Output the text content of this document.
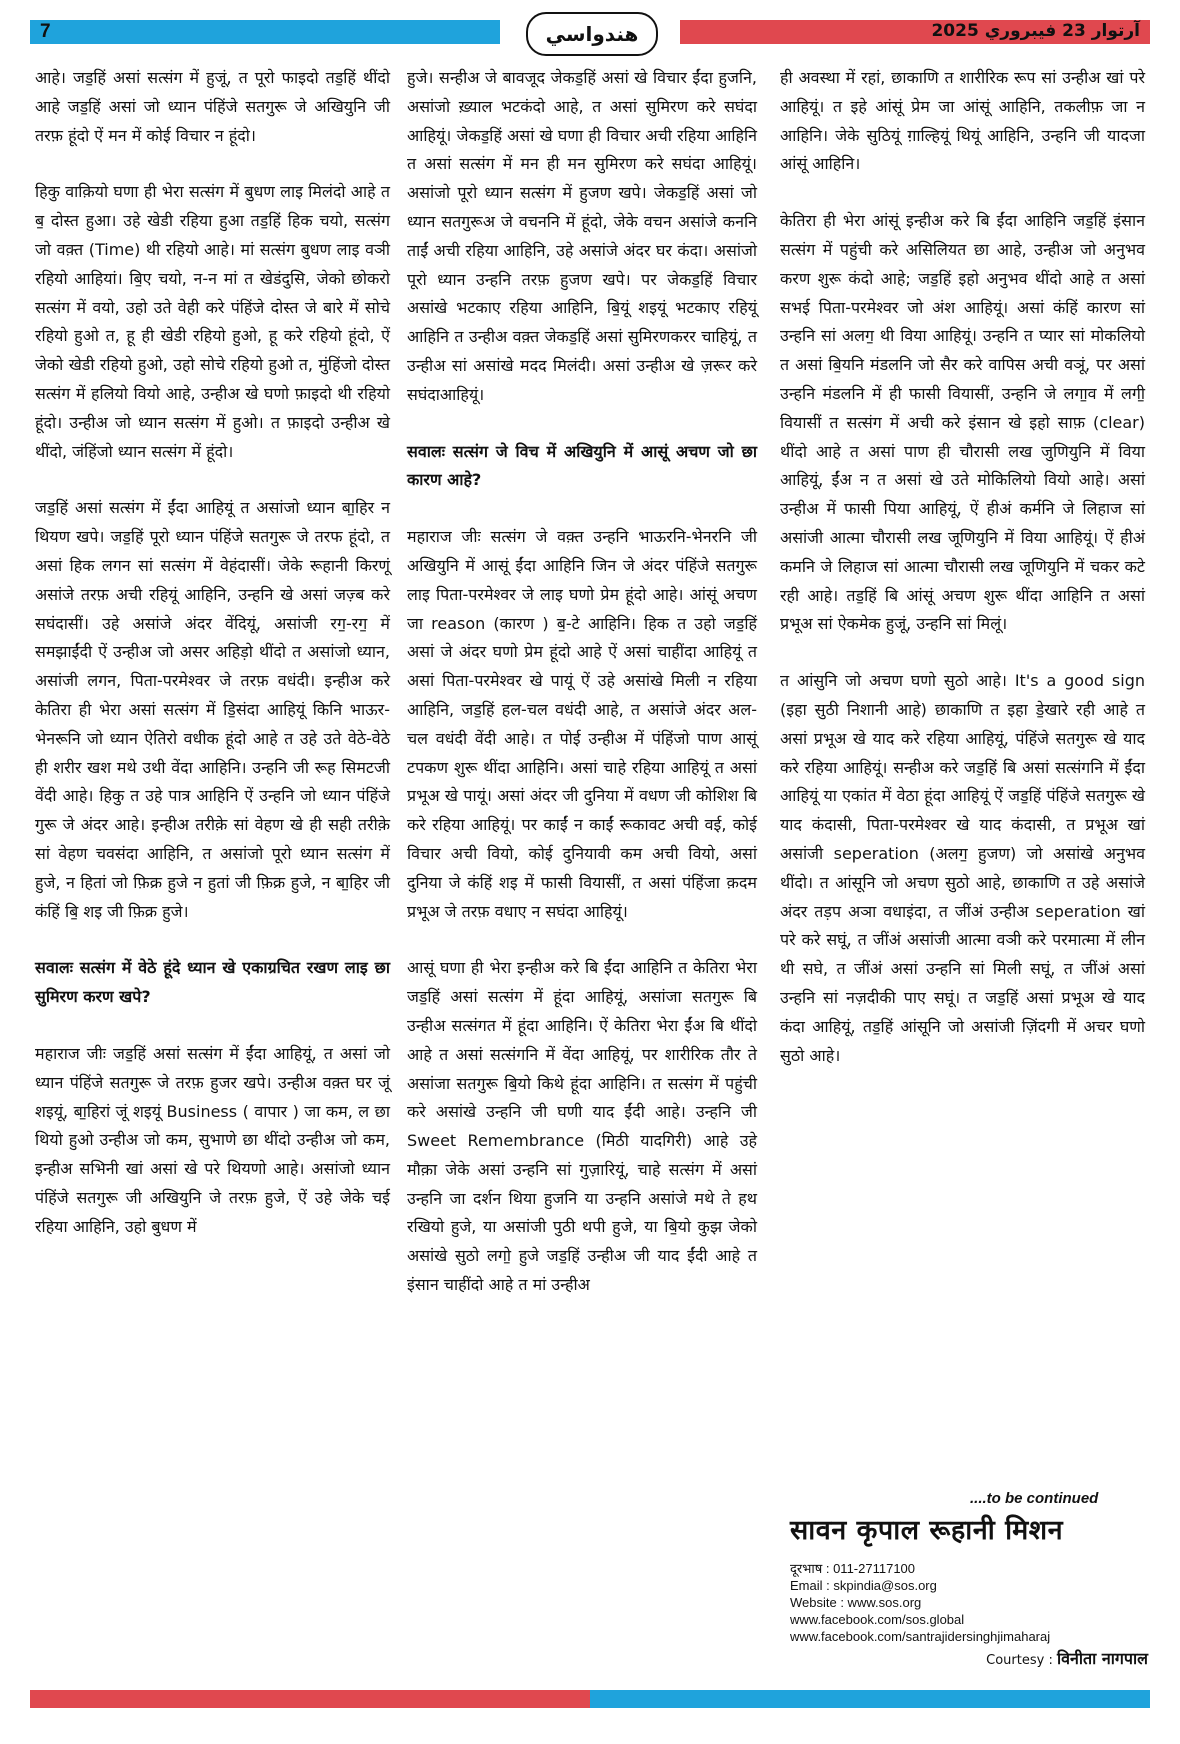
7	هندواسي	آرتوار 23 فيبروري 2025

आहे। जड॒हिं असां सत्संग में हुजूं, त पूरो फाइदो तड॒हिं थींदो आहे जड॒हिं असां जो ध्यान पंहिंजे सतगुरू जे अखियुनि जी तरफ़ हूंदो ऐं मन में कोई विचार न हूंदो।

हिकु वाक़ियो घणा ही भेरा सत्संग में बुधण लाइ मिलंदो आहे त ब॒ दोस्त हुआ। उहे खेडी रहिया हुआ तड॒हिं हिक चयो, सत्संग जो वक़्त (Time) थी रहियो आहे। मां सत्संग बुधण लाइ वञी रहियो आहियां। बि॒ए चयो, न-न मां त खेडंदुसि, जेको छोकरो सत्संग में वयो, उहो उते वेही करे पंहिंजे दोस्त जे बारे में सोचे रहियो हुओ त, हू ही खेडी रहियो हुओ, हू करे रहियो हूंदो, ऐं जेको खेडी रहियो हुओ, उहो सोचे रहियो हुओ त, मुंहिंजो दोस्त सत्संग में हलियो वियो आहे, उन्हीअ खे घणो फ़ाइदो थी रहियो हूंदो। उन्हीअ जो ध्यान सत्संग में हुओ। त फ़ाइदो उन्हीअ खे थींदो, जंहिंजो ध्यान सत्संग में हूंदो।

जड॒हिं असां सत्संग में ईंदा आहियूं त असांजो ध्यान बा॒हिर न थियण खपे। जड॒हिं पूरो ध्यान पंहिंजे सतगुरू जे तरफ हूंदो, त असां हिक लगन सां सत्संग में वेहंदासीं। जेके रूहानी किरणूं असांजे तरफ़ अची रहियूं आहिनि, उन्हनि खे असां जज़्ब करे सघंदासीं। उहे असांजे अंदर वेंदियूं, असांजी रग॒-रग॒ में समझाईंदी ऐं उन्हीअ जो असर अहिड़ो थींदो त असांजो ध्यान, असांजी लगन, पिता-परमेश्वर जे तरफ़ वधंदी। इन्हीअ करे केतिरा ही भेरा असां सत्संग में डि॒संदा आहियूं किनि भाऊर-भेनरूनि जो ध्यान ऐतिरो वधीक हूंदो आहे त उहे उते वेठे-वेठे ही शरीर खश मथे उथी वेंदा आहिनि। उन्हनि जी रूह सिमटजी वेंदी आहे। हिकु त उहे पात्र आहिनि ऐं उन्हनि जो ध्यान पंहिंजे गुरू जे अंदर आहे। इन्हीअ तरीक़े सां वेहण खे ही सही तरीक़े सां वेहण चवसंदा आहिनि, त असांजो पूरो ध्यान सत्संग में हुजे, न हितां जो फ़िक्र हुजे न हुतां जी फ़िक्र हुजे, न बा॒हिर जी कंहिं बि॒ शइ जी फ़िक्र हुजे।

सवालः सत्संग में वेठे हूंदे ध्यान खे एकाग्रचित रखण लाइ छा सुमिरण करण खपे?

महाराज जीः जड॒हिं असां सत्संग में ईंदा आहियूं, त असां जो ध्यान पंहिंजे सतगुरू जे तरफ़ हुजर खपे। उन्हीअ वक़्त घर जूं शइयूं, बा॒हिरां जूं शइयूं Business ( वापार ) जा कम, ल छा थियो हुओ उन्हीअ जो कम, सुभाणे छा थींदो उन्हीअ जो कम, इन्हीअ सभिनी खां असां खे परे थियणो आहे। असांजो ध्यान पंहिंजे सतगुरू जी अखियुनि जे तरफ़ हुजे, ऐं उहे जेके चई रहिया आहिनि, उहो बुधण में

हुजे। सन्हीअ जे बावजूद जेकड॒हिं असां खे विचार ईंदा हुजनि, असांजो ख़्याल भटकंदो आहे, त असां सुमिरण करे सघंदा आहियूं। जेकड॒हिं असां खे घणा ही विचार अची रहिया आहिनि त असां सत्संग में मन ही मन सुमिरण करे सघंदा आहियूं। असांजो पूरो ध्यान सत्संग में हुजण खपे। जेकड॒हिं असां जो ध्यान सतगुरूअ जे वचननि में हूंदो, जेके वचन असांजे कननि ताईं अची रहिया आहिनि, उहे असांजे अंदर घर कंदा। असांजो पूरो ध्यान उन्हनि तरफ़ हुजण खपे। पर जेकड॒हिं विचार असांखे भटकाए रहिया आहिनि, बि॒यूं शइयूं भटकाए रहियूं आहिनि त उन्हीअ वक़्त जेकड॒हिं असां सुमिरणकरर चाहियूं, त उन्हीअ सां असांखे मदद मिलंदी। असां उन्हीअ खे ज़रूर करे सघंदाआहियूं।

सवालः सत्संग जे विच में अखियुनि में आसूं अचण जो छा कारण आहे?

महाराज जीः सत्संग जे वक़्त उन्हनि भाऊरनि-भेनरनि जी अखियुनि में आसूं ईंदा आहिनि जिन जे अंदर पंहिंजे सतगुरू लाइ पिता-परमेश्वर जे लाइ घणो प्रेम हूंदो आहे। आंसूं अचण जा reason (कारण ) ब॒-टे आहिनि। हिक त उहो जड॒हिं असां जे अंदर घणो प्रेम हूंदो आहे ऐं असां चाहींदा आहियूं त असां पिता-परमेश्वर खे पायूं ऐं उहे असांखे मिली न रहिया आहिनि, जड॒हिं हल-चल वधंदी आहे, त असांजे अंदर अल-चल वधंदी वेंदी आहे। त पोई उन्हीअ में पंहिंजो पाण आसूं टपकण शुरू थींदा आहिनि। असां चाहे रहिया आहियूं त असां प्रभूअ खे पायूं। असां अंदर जी दुनिया में वधण जी कोशिश बि करे रहिया आहियूं। पर काईं न काईं रूकावट अची वई, कोई विचार अची वियो, कोई दुनियावी कम अची वियो, असां दुनिया जे कंहिं शइ में फासी वियासीं, त असां पंहिंजा क़दम प्रभूअ जे तरफ़ वधाए न सघंदा आहियूं।

आसूं घणा ही भेरा इन्हीअ करे बि ईंदा आहिनि त केतिरा भेरा जड॒हिं असां सत्संग में हूंदा आहियूं, असांजा सतगुरू बि उन्हीअ सत्संगत में हूंदा आहिनि। ऐं केतिरा भेरा ईंअ बि थींदो आहे त असां सत्संगनि में वेंदा आहियूं, पर शारीरिक तौर ते असांजा सतगुरू बि॒यो किथे हूंदा आहिनि। त सत्संग में पहुंची करे असांखे उन्हनि जी घणी याद ईंदी आहे। उन्हनि जी Sweet Remembrance (मिठी यादगिरी) आहे उहे मौक़ा जेके असां उन्हनि सां गुज़ारियूं, चाहे सत्संग में असां उन्हनि जा दर्शन थिया हुजनि या उन्हनि असांजे मथे ते हथ रखियो हुजे, या असांजी पुठी थपी हुजे, या बि॒यो कुझ जेको असांखे सुठो लगो॒ हुजे जड॒हिं उन्हीअ जी याद ईंदी आहे त इंसान चाहींदो आहे त मां उन्हीअ

ही अवस्था में रहां, छाकाणि त शारीरिक रूप सां उन्हीअ खां परे आहियूं। त इहे आंसूं प्रेम जा आंसूं आहिनि, तकलीफ़ जा न आहिनि। जेके सुठियूं ग़ाल्हियूं थियूं आहिनि, उन्हनि जी यादजा आंसूं आहिनि।

केतिरा ही भेरा आंसूं इन्हीअ करे बि ईंदा आहिनि जड॒हिं इंसान सत्संग में पहुंची करे असिलियत छा आहे, उन्हीअ जो अनुभव करण शुरू कंदो आहे; जड॒हिं इहो अनुभव थींदो आहे त असां सभई पिता-परमेश्वर जो अंश आहियूं। असां कंहिं कारण सां उन्हनि सां अलग॒ थी विया आहियूं। उन्हनि त प्यार सां मोकलियो त असां बि॒यनि मंडलनि जो सैर करे वापिस अची वञूं, पर असां उन्हनि मंडलनि में ही फासी वियासीं, उन्हनि जे लगा॒व में लगी॒ वियासीं त सत्संग में अची करे इंसान खे इहो साफ़ (clear) थींदो आहे त असां पाण ही चौरासी लख जुणियुनि में विया आहियूं, ईंअ न त असां खे उते मोकिलियो वियो आहे। असां उन्हीअ में फासी पिया आहियूं, ऐं हीअं कर्मनि जे लिहाज सां असांजी आत्मा चौरासी लख जूणियुनि में विया आहियूं। ऐं हीअं कमनि जे लिहाज सां आत्मा चौरासी लख जूणियुनि में चकर कटे रही आहे। तड॒हिं बि आंसूं अचण शुरू थींदा आहिनि त असां प्रभूअ सां ऐकमेक हुजूं, उन्हनि सां मिलूं।

त आंसुनि जो अचण घणो सुठो आहे। It's a good sign (इहा सुठी निशानी आहे) छाकाणि त इहा डे॒खारे रही आहे त असां प्रभूअ खे याद करे रहिया आहियूं, पंहिंजे सतगुरू खे याद करे रहिया आहियूं। सन्हीअ करे जड॒हिं बि असां सत्संगनि में ईंदा आहियूं या एकांत में वेठा हूंदा आहियूं ऐं जड॒हिं पंहिंजे सतगुरू खे याद कंदासी, पिता-परमेश्वर खे याद कंदासी, त प्रभूअ खां असांजी seperation (अलग॒ हुजण) जो असांखे अनुभव थींदो। त आंसूनि जो अचण सुठो आहे, छाकाणि त उहे असांजे अंदर तड़प अञा वधाइंदा, त जींअं उन्हीअ seperation खां परे करे सघूं, त जींअं असांजी आत्मा वञी करे परमात्मा में लीन थी सघे, त जींअं असां उन्हनि सां मिली सघूं, त जींअं असां उन्हनि सां नज़दीकी पाए सघूं। त जड॒हिं असां प्रभूअ खे याद कंदा आहियूं, तड॒हिं आंसूनि जो असांजी ज़िंदगी में अचर घणो सुठो आहे।

....to be continued
सावन कृपाल रूहानी मिशन
दूरभाष : 011-27117100
Email : skpindia@sos.org
Website : www.sos.org
www.facebook.com/sos.global
www.facebook.com/santrajidersinghjimaharaj
Courtesy : विनीता नागपाल
